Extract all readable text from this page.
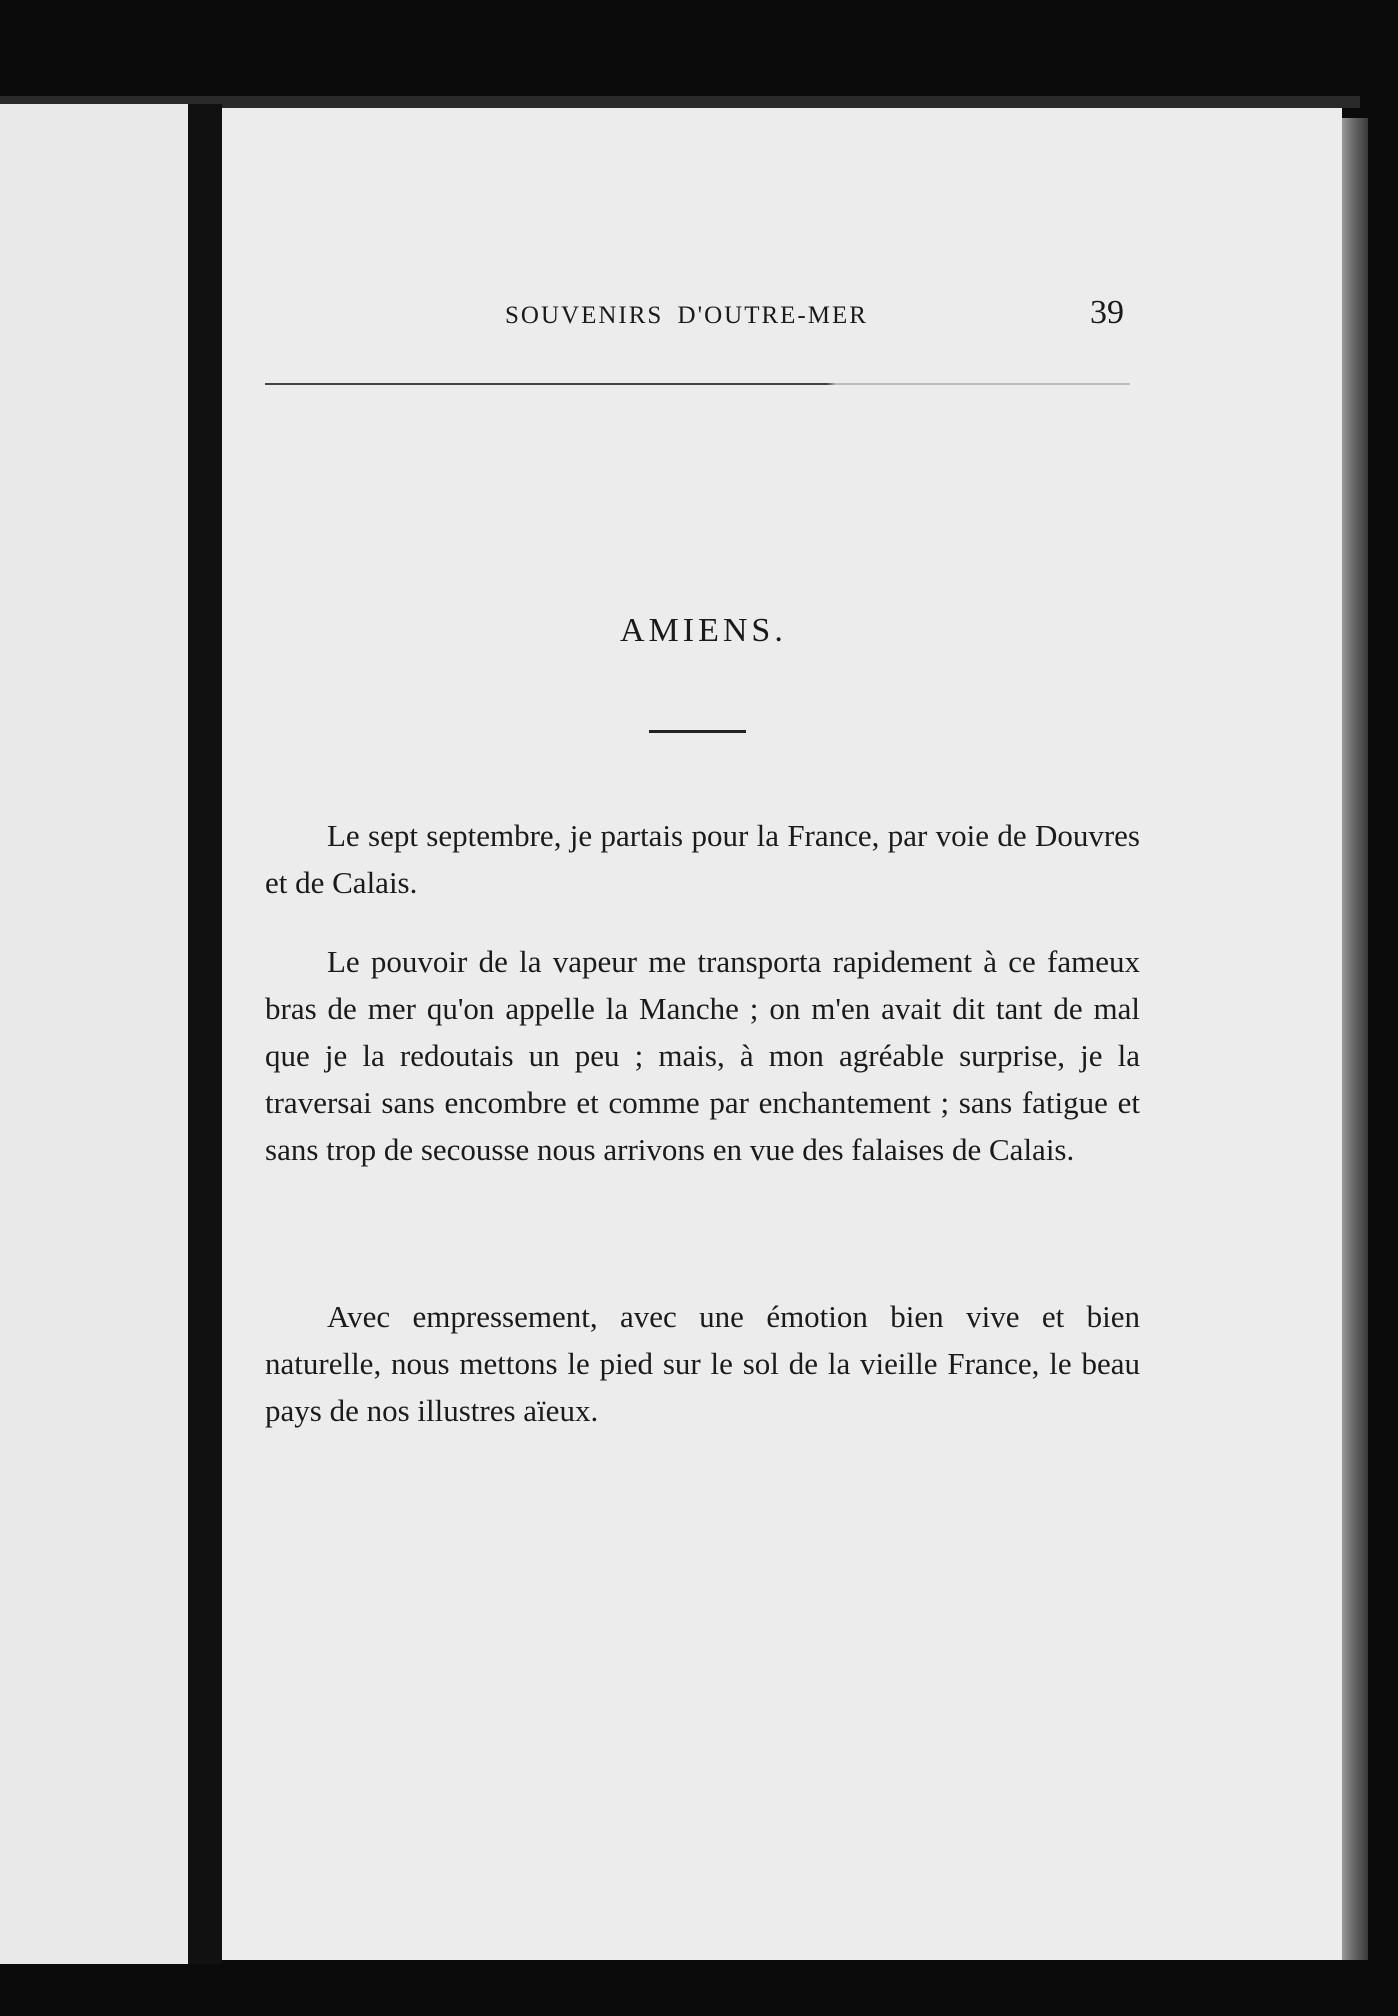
SOUVENIRS D'OUTRE-MER	39
AMIENS.

Le sept septembre, je partais pour la France, par voie de Douvres et de Calais.

Le pouvoir de la vapeur me transporta rapidement à ce fameux bras de mer qu'on appelle la Manche ; on m'en avait dit tant de mal que je la redoutais un peu ; mais, à mon agréable surprise, je la traversai sans encombre et comme par enchantement ; sans fatigue et sans trop de secousse nous arrivons en vue des falaises de Calais.

Avec empressement, avec une émotion bien vive et bien naturelle, nous mettons le pied sur le sol de la vieille France, le beau pays de nos illustres aïeux.
